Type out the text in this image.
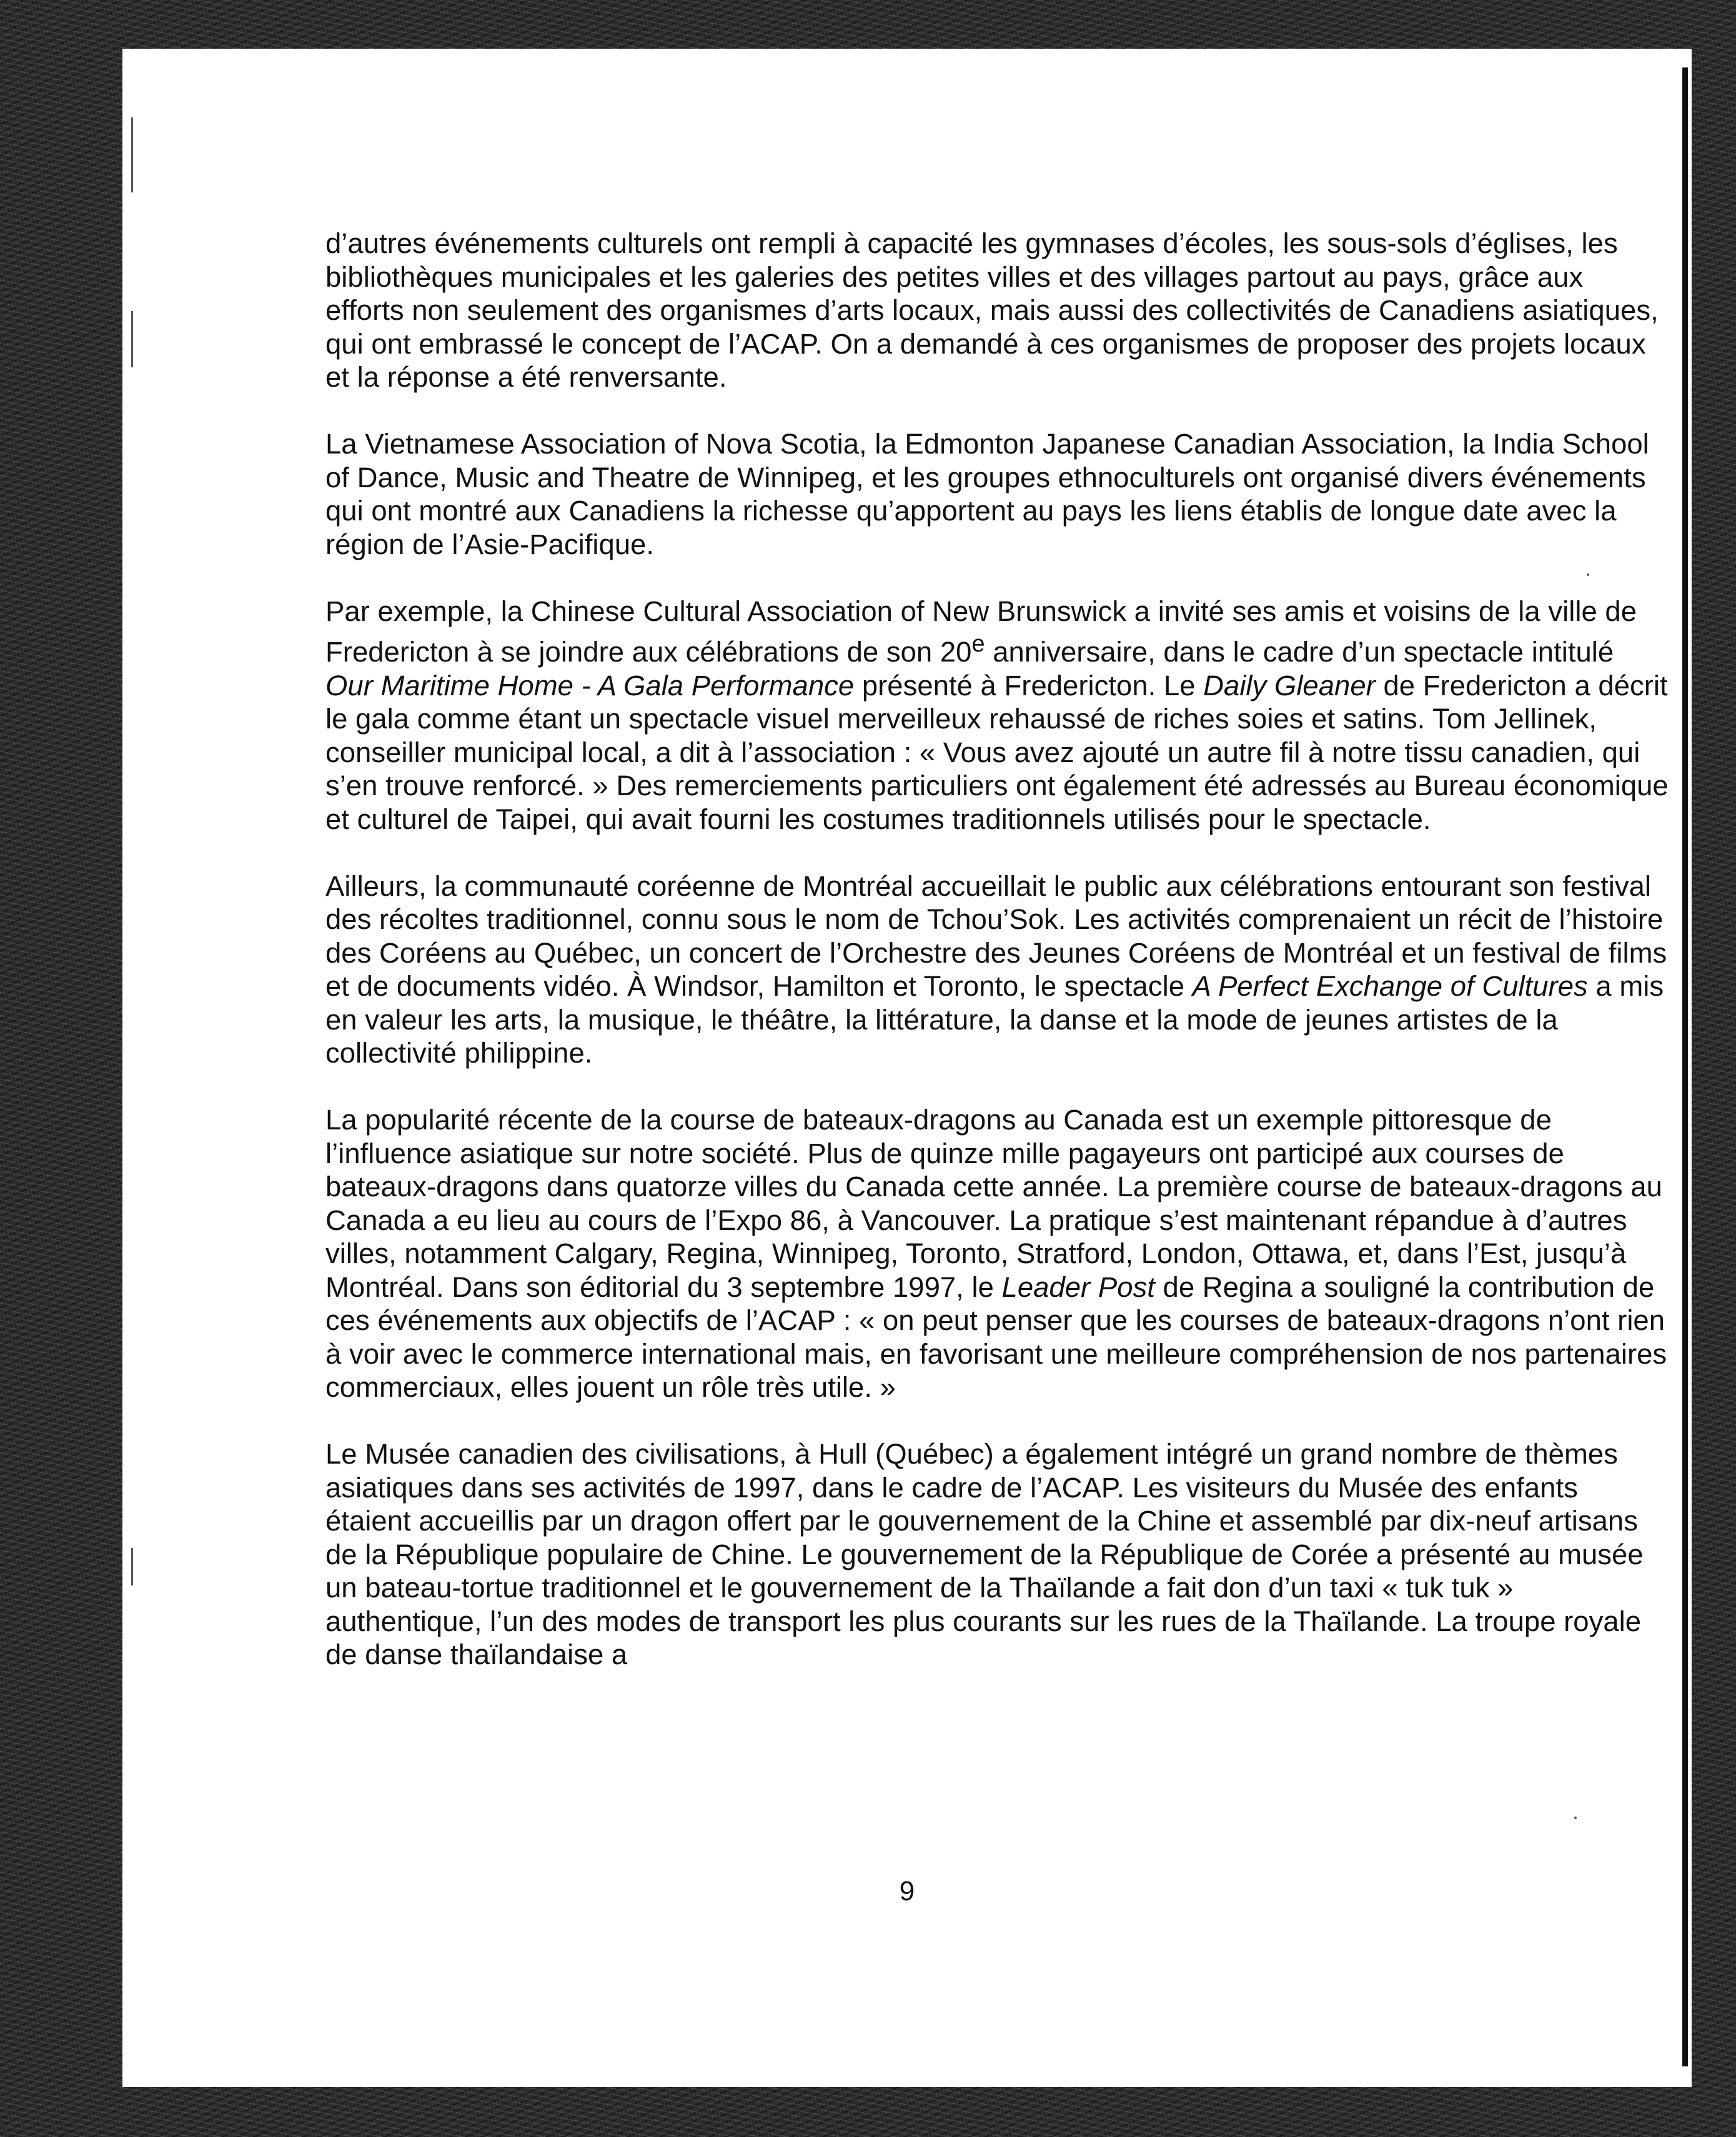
d’autres événements culturels ont rempli à capacité les gymnases d’écoles, les sous-sols d’églises, les bibliothèques municipales et les galeries des petites villes et des villages partout au pays, grâce aux efforts non seulement des organismes d’arts locaux, mais aussi des collectivités de Canadiens asiatiques, qui ont embrassé le concept de l’ACAP. On a demandé à ces organismes de proposer des projets locaux et la réponse a été renversante.

La Vietnamese Association of Nova Scotia, la Edmonton Japanese Canadian Association, la India School of Dance, Music and Theatre de Winnipeg, et les groupes ethnoculturels ont organisé divers événements qui ont montré aux Canadiens la richesse qu’apportent au pays les liens établis de longue date avec la région de l’Asie-Pacifique.

Par exemple, la Chinese Cultural Association of New Brunswick a invité ses amis et voisins de la ville de Fredericton à se joindre aux célébrations de son 20e anniversaire, dans le cadre d’un spectacle intitulé Our Maritime Home - A Gala Performance présenté à Fredericton. Le Daily Gleaner de Fredericton a décrit le gala comme étant un spectacle visuel merveilleux rehaussé de riches soies et satins. Tom Jellinek, conseiller municipal local, a dit à l’association : « Vous avez ajouté un autre fil à notre tissu canadien, qui s’en trouve renforcé. » Des remerciements particuliers ont également été adressés au Bureau économique et culturel de Taipei, qui avait fourni les costumes traditionnels utilisés pour le spectacle.

Ailleurs, la communauté coréenne de Montréal accueillait le public aux célébrations entourant son festival des récoltes traditionnel, connu sous le nom de Tchou’Sok. Les activités comprenaient un récit de l’histoire des Coréens au Québec, un concert de l’Orchestre des Jeunes Coréens de Montréal et un festival de films et de documents vidéo. À Windsor, Hamilton et Toronto, le spectacle A Perfect Exchange of Cultures a mis en valeur les arts, la musique, le théâtre, la littérature, la danse et la mode de jeunes artistes de la collectivité philippine.

La popularité récente de la course de bateaux-dragons au Canada est un exemple pittoresque de l’influence asiatique sur notre société. Plus de quinze mille pagayeurs ont participé aux courses de bateaux-dragons dans quatorze villes du Canada cette année. La première course de bateaux-dragons au Canada a eu lieu au cours de l’Expo 86, à Vancouver. La pratique s’est maintenant répandue à d’autres villes, notamment Calgary, Regina, Winnipeg, Toronto, Stratford, London, Ottawa, et, dans l’Est, jusqu’à Montréal. Dans son éditorial du 3 septembre 1997, le Leader Post de Regina a souligné la contribution de ces événements aux objectifs de l’ACAP : « on peut penser que les courses de bateaux-dragons n’ont rien à voir avec le commerce international mais, en favorisant une meilleure compréhension de nos partenaires commerciaux, elles jouent un rôle très utile. »

Le Musée canadien des civilisations, à Hull (Québec) a également intégré un grand nombre de thèmes asiatiques dans ses activités de 1997, dans le cadre de l’ACAP. Les visiteurs du Musée des enfants étaient accueillis par un dragon offert par le gouvernement de la Chine et assemblé par dix-neuf artisans de la République populaire de Chine. Le gouvernement de la République de Corée a présenté au musée un bateau-tortue traditionnel et le gouvernement de la Thaïlande a fait don d’un taxi « tuk tuk » authentique, l’un des modes de transport les plus courants sur les rues de la Thaïlande. La troupe royale de danse thaïlandaise a

9
